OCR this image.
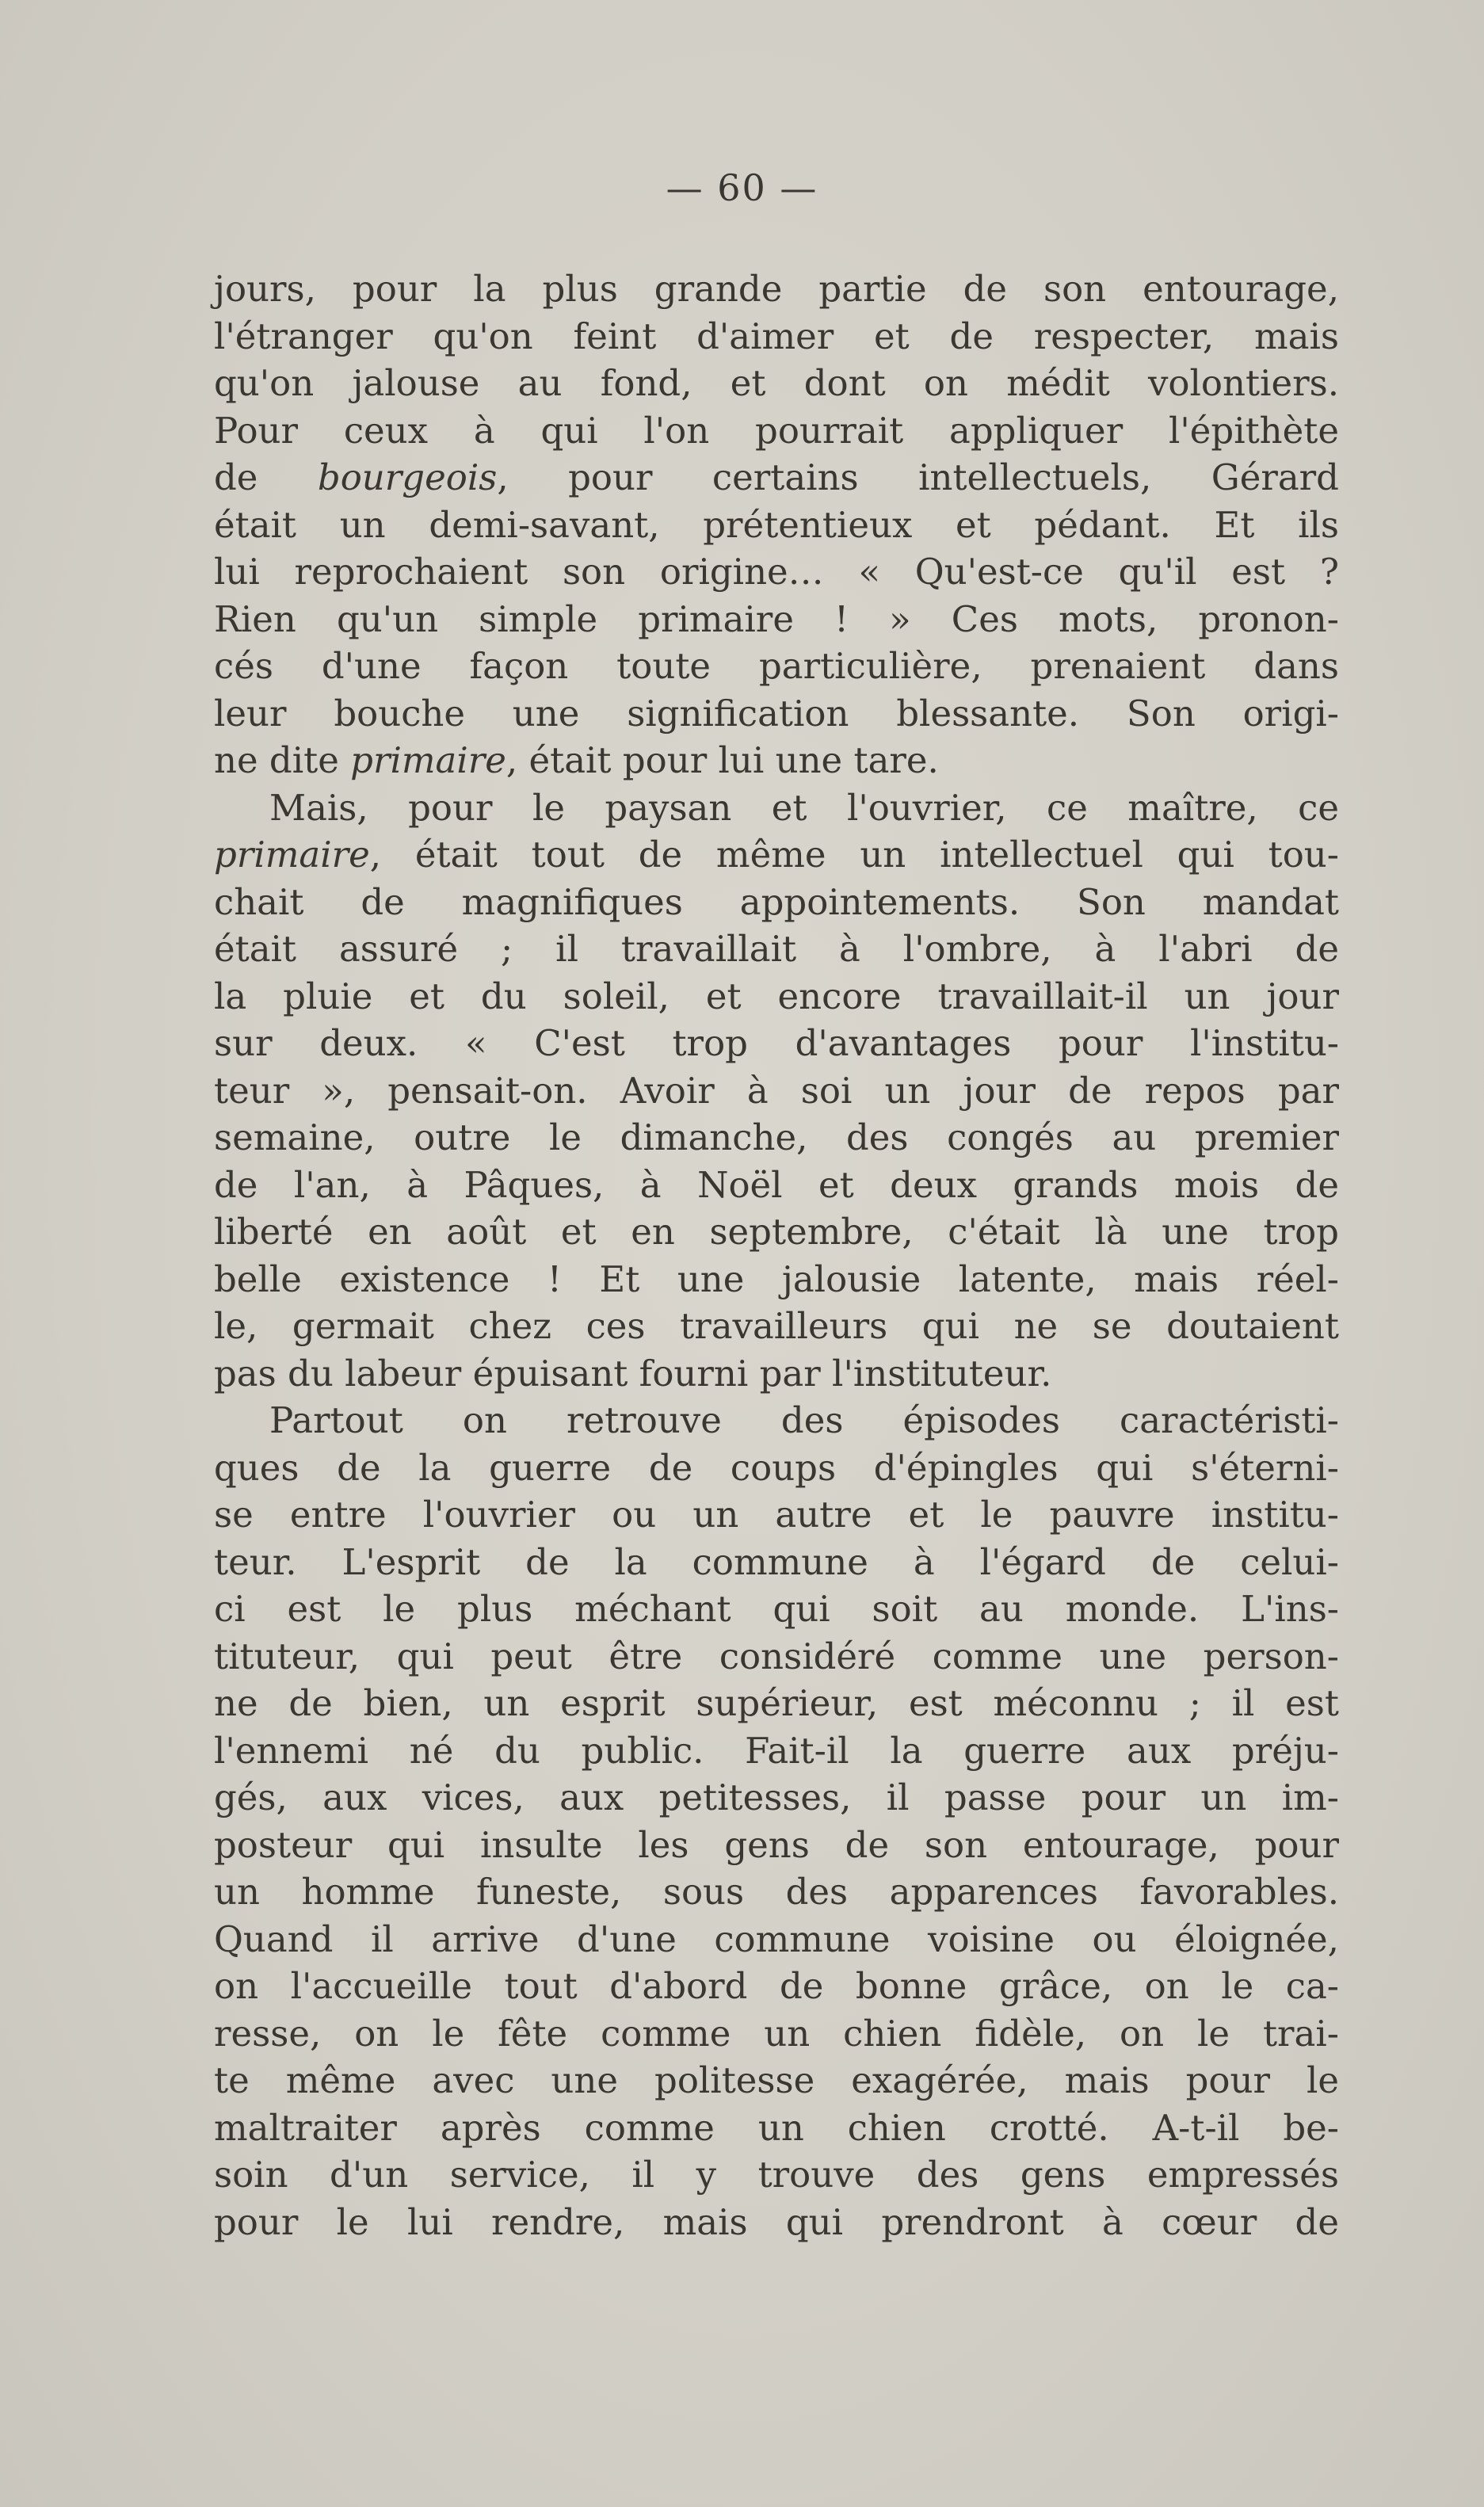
— 60 —
jours, pour la plus grande partie de son entourage,
l'étranger qu'on feint d'aimer et de respecter, mais
qu'on jalouse au fond, et dont on médit volontiers.
Pour ceux à qui l'on pourrait appliquer l'épithète
de bourgeois, pour certains intellectuels, Gérard
était un demi-savant, prétentieux et pédant. Et ils
lui reprochaient son origine… « Qu'est-ce qu'il est ?
Rien qu'un simple primaire ! » Ces mots, pronon-
cés d'une façon toute particulière, prenaient dans
leur bouche une signification blessante. Son origi-
ne dite primaire, était pour lui une tare.
Mais, pour le paysan et l'ouvrier, ce maître, ce
primaire, était tout de même un intellectuel qui tou-
chait de magnifiques appointements. Son mandat
était assuré ; il travaillait à l'ombre, à l'abri de
la pluie et du soleil, et encore travaillait-il un jour
sur deux. « C'est trop d'avantages pour l'institu-
teur », pensait-on. Avoir à soi un jour de repos par
semaine, outre le dimanche, des congés au premier
de l'an, à Pâques, à Noël et deux grands mois de
liberté en août et en septembre, c'était là une trop
belle existence ! Et une jalousie latente, mais réel-
le, germait chez ces travailleurs qui ne se doutaient
pas du labeur épuisant fourni par l'instituteur.
Partout on retrouve des épisodes caractéristi-
ques de la guerre de coups d'épingles qui s'éterni-
se entre l'ouvrier ou un autre et le pauvre institu-
teur. L'esprit de la commune à l'égard de celui-
ci est le plus méchant qui soit au monde. L'ins-
tituteur, qui peut être considéré comme une person-
ne de bien, un esprit supérieur, est méconnu ; il est
l'ennemi né du public. Fait-il la guerre aux préju-
gés, aux vices, aux petitesses, il passe pour un im-
posteur qui insulte les gens de son entourage, pour
un homme funeste, sous des apparences favorables.
Quand il arrive d'une commune voisine ou éloignée,
on l'accueille tout d'abord de bonne grâce, on le ca-
resse, on le fête comme un chien fidèle, on le trai-
te même avec une politesse exagérée, mais pour le
maltraiter après comme un chien crotté. A-t-il be-
soin d'un service, il y trouve des gens empressés
pour le lui rendre, mais qui prendront à cœur de
